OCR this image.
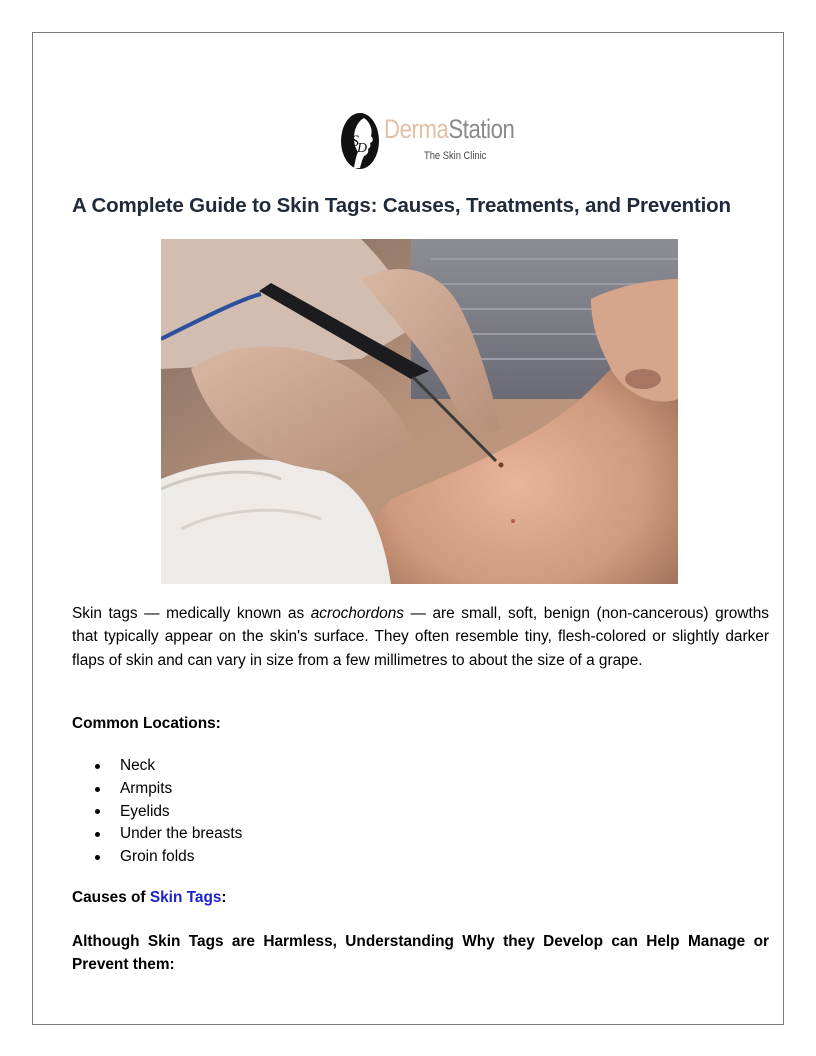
S
D
DermaStation
The Skin Clinic
A Complete Guide to Skin Tags: Causes, Treatments, and Prevention

Skin tags — medically known as acrochordons — are small, soft, benign (non-cancerous) growths that typically appear on the skin's surface. They often resemble tiny, flesh-colored or slightly darker flaps of skin and can vary in size from a few millimetres to about the size of a grape.

Common Locations:
Neck
Armpits
Eyelids
Under the breasts
Groin folds
Causes of Skin Tags:
Although Skin Tags are Harmless, Understanding Why they Develop can Help Manage or Prevent them:
